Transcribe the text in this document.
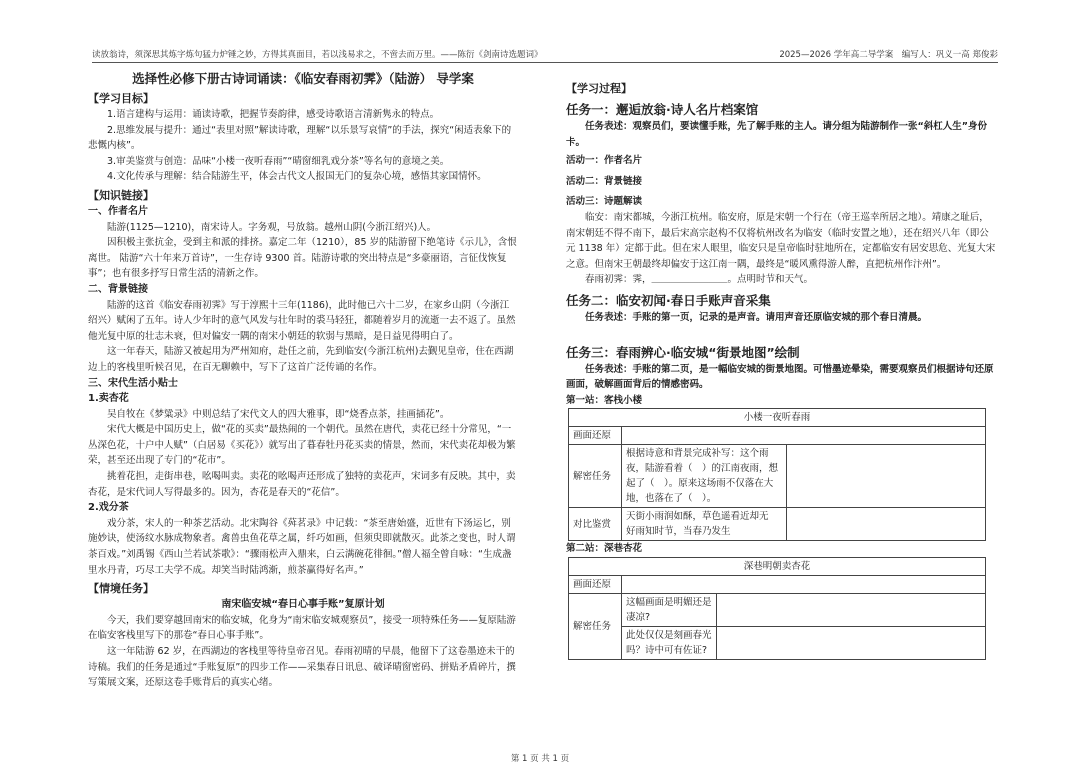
读放翁诗，须深思其炼字炼句猛力炉锤之妙，方得其真面目，若以浅易求之，不啻去而万里。——陈衍《剑南诗选题词》	2025—2026 学年高二导学案　编写人：巩义一高 郑俊彩
选择性必修下册古诗词诵读：《临安春雨初霁》（陆游） 导学案
【学习目标】
1.语言建构与运用：诵读诗歌，把握节奏韵律，感受诗歌语言清新隽永的特点。
2.思维发展与提升：通过“表里对照”解读诗歌，理解“以乐景写哀情”的手法，探究“闲适表象下的悲慨内核”。
3.审美鉴赏与创造：品味“小楼一夜听春雨”“晴窗细乳戏分茶”等名句的意境之美。
4.文化传承与理解：结合陆游生平，体会古代文人报国无门的复杂心境，感悟其家国情怀。
【知识链接】
一、作者名片
陆游(1125—1210)，南宋诗人。字务观，号放翁。越州山阴(今浙江绍兴)人。
因积极主张抗金，受到主和派的排挤。嘉定二年（1210），85 岁的陆游留下绝笔诗《示儿》，含恨离世。 陆游“六十年来万首诗”，一生存诗 9300 首。陆游诗歌的突出特点是“多豪丽语，言征伐恢复事”；也有很多抒写日常生活的清新之作。
二、背景链接
陆游的这首《临安春雨初霁》写于淳熙十三年(1186)，此时他已六十二岁，在家乡山阴（今浙江绍兴）赋闲了五年。诗人少年时的意气风发与壮年时的裘马轻狂，都随着岁月的流逝一去不返了。虽然他光复中原的壮志未衰，但对偏安一隅的南宋小朝廷的软弱与黑暗，是日益见得明白了。
这一年春天，陆游又被起用为严州知府，赴任之前，先到临安(今浙江杭州)去觐见皇帝，住在西湖边上的客栈里听候召见，在百无聊赖中，写下了这首广泛传诵的名作。
三、宋代生活小贴士
1.卖杏花
吴自牧在《梦粱录》中则总结了宋代文人的四大雅事，即“烧香点茶，挂画插花”。
宋代大概是中国历史上，做“花的买卖”最热闹的一个朝代。虽然在唐代，卖花已经十分常见，“一丛深色花，十户中人赋”（白居易《买花》）就写出了暮春牡丹花买卖的情景，然而，宋代卖花却极为繁荣，甚至还出现了专门的“花市”。
挑着花担，走街串巷，吆喝叫卖。卖花的吆喝声还形成了独特的卖花声，宋词多有反映。其中，卖杏花，是宋代词人写得最多的。因为，杏花是春天的“花信”。
2.戏分茶
戏分茶，宋人的一种茶艺活动。北宋陶谷《荈茗录》中记载：“茶至唐始盛，近世有下汤运匕，别施妙诀，使汤纹水脉成物象者。禽兽虫鱼花草之属，纤巧如画，但须臾即就散灭。此茶之变也，时人谓茶百戏。”刘禹锡《西山兰若试茶歌》：“骤雨松声入鼎来，白云满碗花徘徊。”僧人福全曾自咏：“生成盏里水丹青，巧尽工夫学不成。却笑当时陆鸿渐，煎茶赢得好名声。”
【情境任务】
南宋临安城“春日心事手账”复原计划
今天，我们要穿越回南宋的临安城，化身为“南宋临安城观察员”，接受一项特殊任务——复原陆游在临安客栈里写下的那卷“春日心事手账”。
这一年陆游 62 岁，在西湖边的客栈里等待皇帝召见。春雨初晴的早晨，他留下了这卷墨迹未干的诗稿。我们的任务是通过“手账复原”的四步工作——采集春日讯息、破译晴窗密码、拼贴矛盾碎片，撰写策展文案，还原这卷手账背后的真实心绪。
【学习过程】
任务一：邂逅放翁·诗人名片档案馆
任务表述：观察员们，要读懂手账，先了解手账的主人。请分组为陆游制作一张“斜杠人生”身份卡。
活动一：作者名片
活动二：背景链接
活动三：诗题解读
临安：南宋都城，今浙江杭州。临安府，原是宋朝一个行在（帝王巡幸所居之地）。靖康之耻后，南宋朝廷不得不南下，最后宋高宗赵构不仅将杭州改名为临安（临时安置之地），还在绍兴八年（即公元 1138 年）定都于此。但在宋人眼里，临安只是皇帝临时驻地所在，定都临安有居安思危、光复大宋之意。但南宋王朝最终却偏安于这江南一隅，最终是“暖风熏得游人醉，直把杭州作汴州”。
春雨初霁：霁，＿＿＿＿＿＿＿＿。点明时节和天气。
任务二：临安初闻·春日手账声音采集
任务表述：手账的第一页，记录的是声音。请用声音还原临安城的那个春日清晨。
任务三：春雨辨心·临安城“街景地图”绘制
任务表述：手账的第二页，是一幅临安城的街景地图。可惜墨迹晕染，需要观察员们根据诗句还原画面，破解画面背后的情感密码。
第一站：客栈小楼
小楼一夜听春雨		
画面还原		
解密任务	根据诗意和背景完成补写：这个雨夜，陆游看着（　）的江南夜雨，想起了（　）。原来这场雨不仅落在大地，也落在了（　）。	
对比鉴赏	天街小雨润如酥，草色遥看近却无
好雨知时节，当春乃发生	
第二站：深巷杏花
深巷明朝卖杏花		
画面还原		
解密任务	这幅画面是明媚还是凄凉?	
	此处仅仅是刻画春光吗？诗中可有佐证?	
第 1 页 共 1 页
